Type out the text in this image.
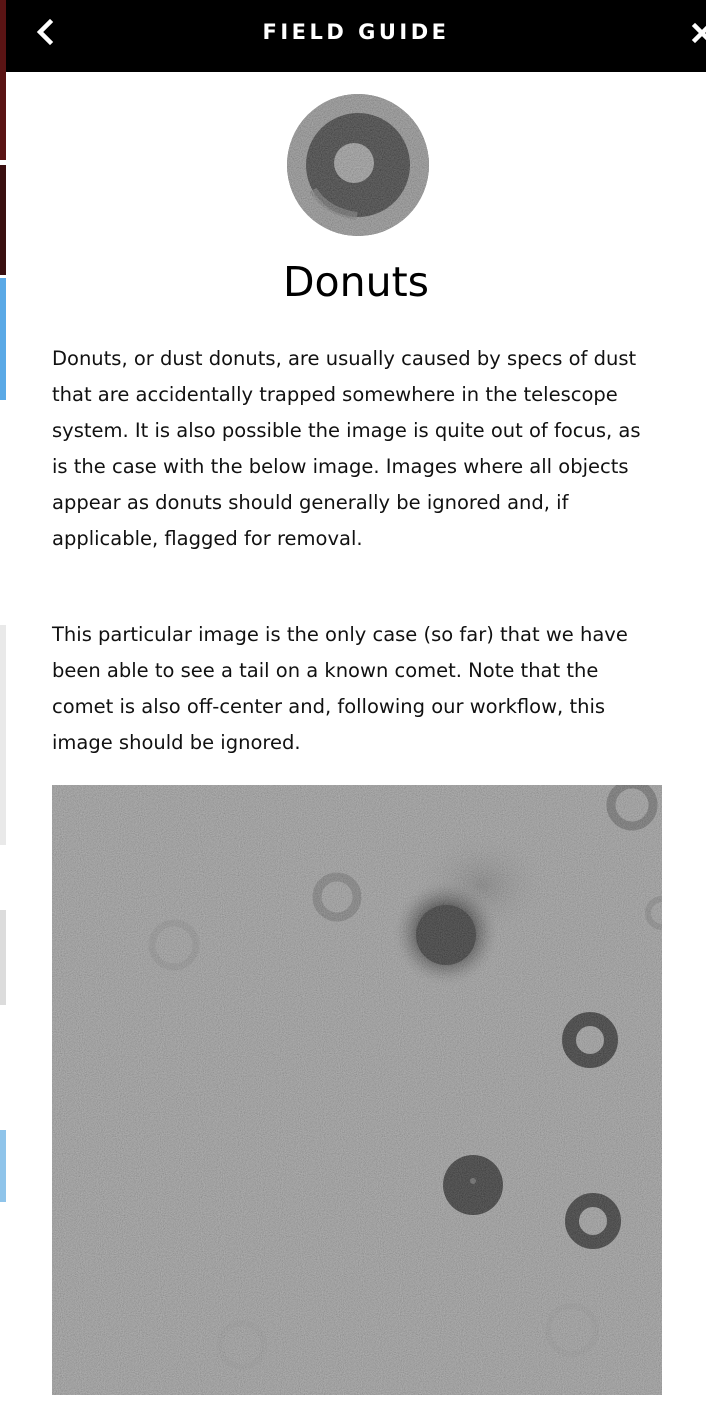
FIELD GUIDE
Donuts

Donuts, or dust donuts, are usually caused by specs of dust that are accidentally trapped somewhere in the telescope system. It is also possible the image is quite out of focus, as is the case with the below image. Images where all objects appear as donuts should generally be ignored and, if applicable, flagged for removal.

This particular image is the only case (so far) that we have been able to see a tail on a known comet. Note that the comet is also off-center and, following our workflow, this image should be ignored.
